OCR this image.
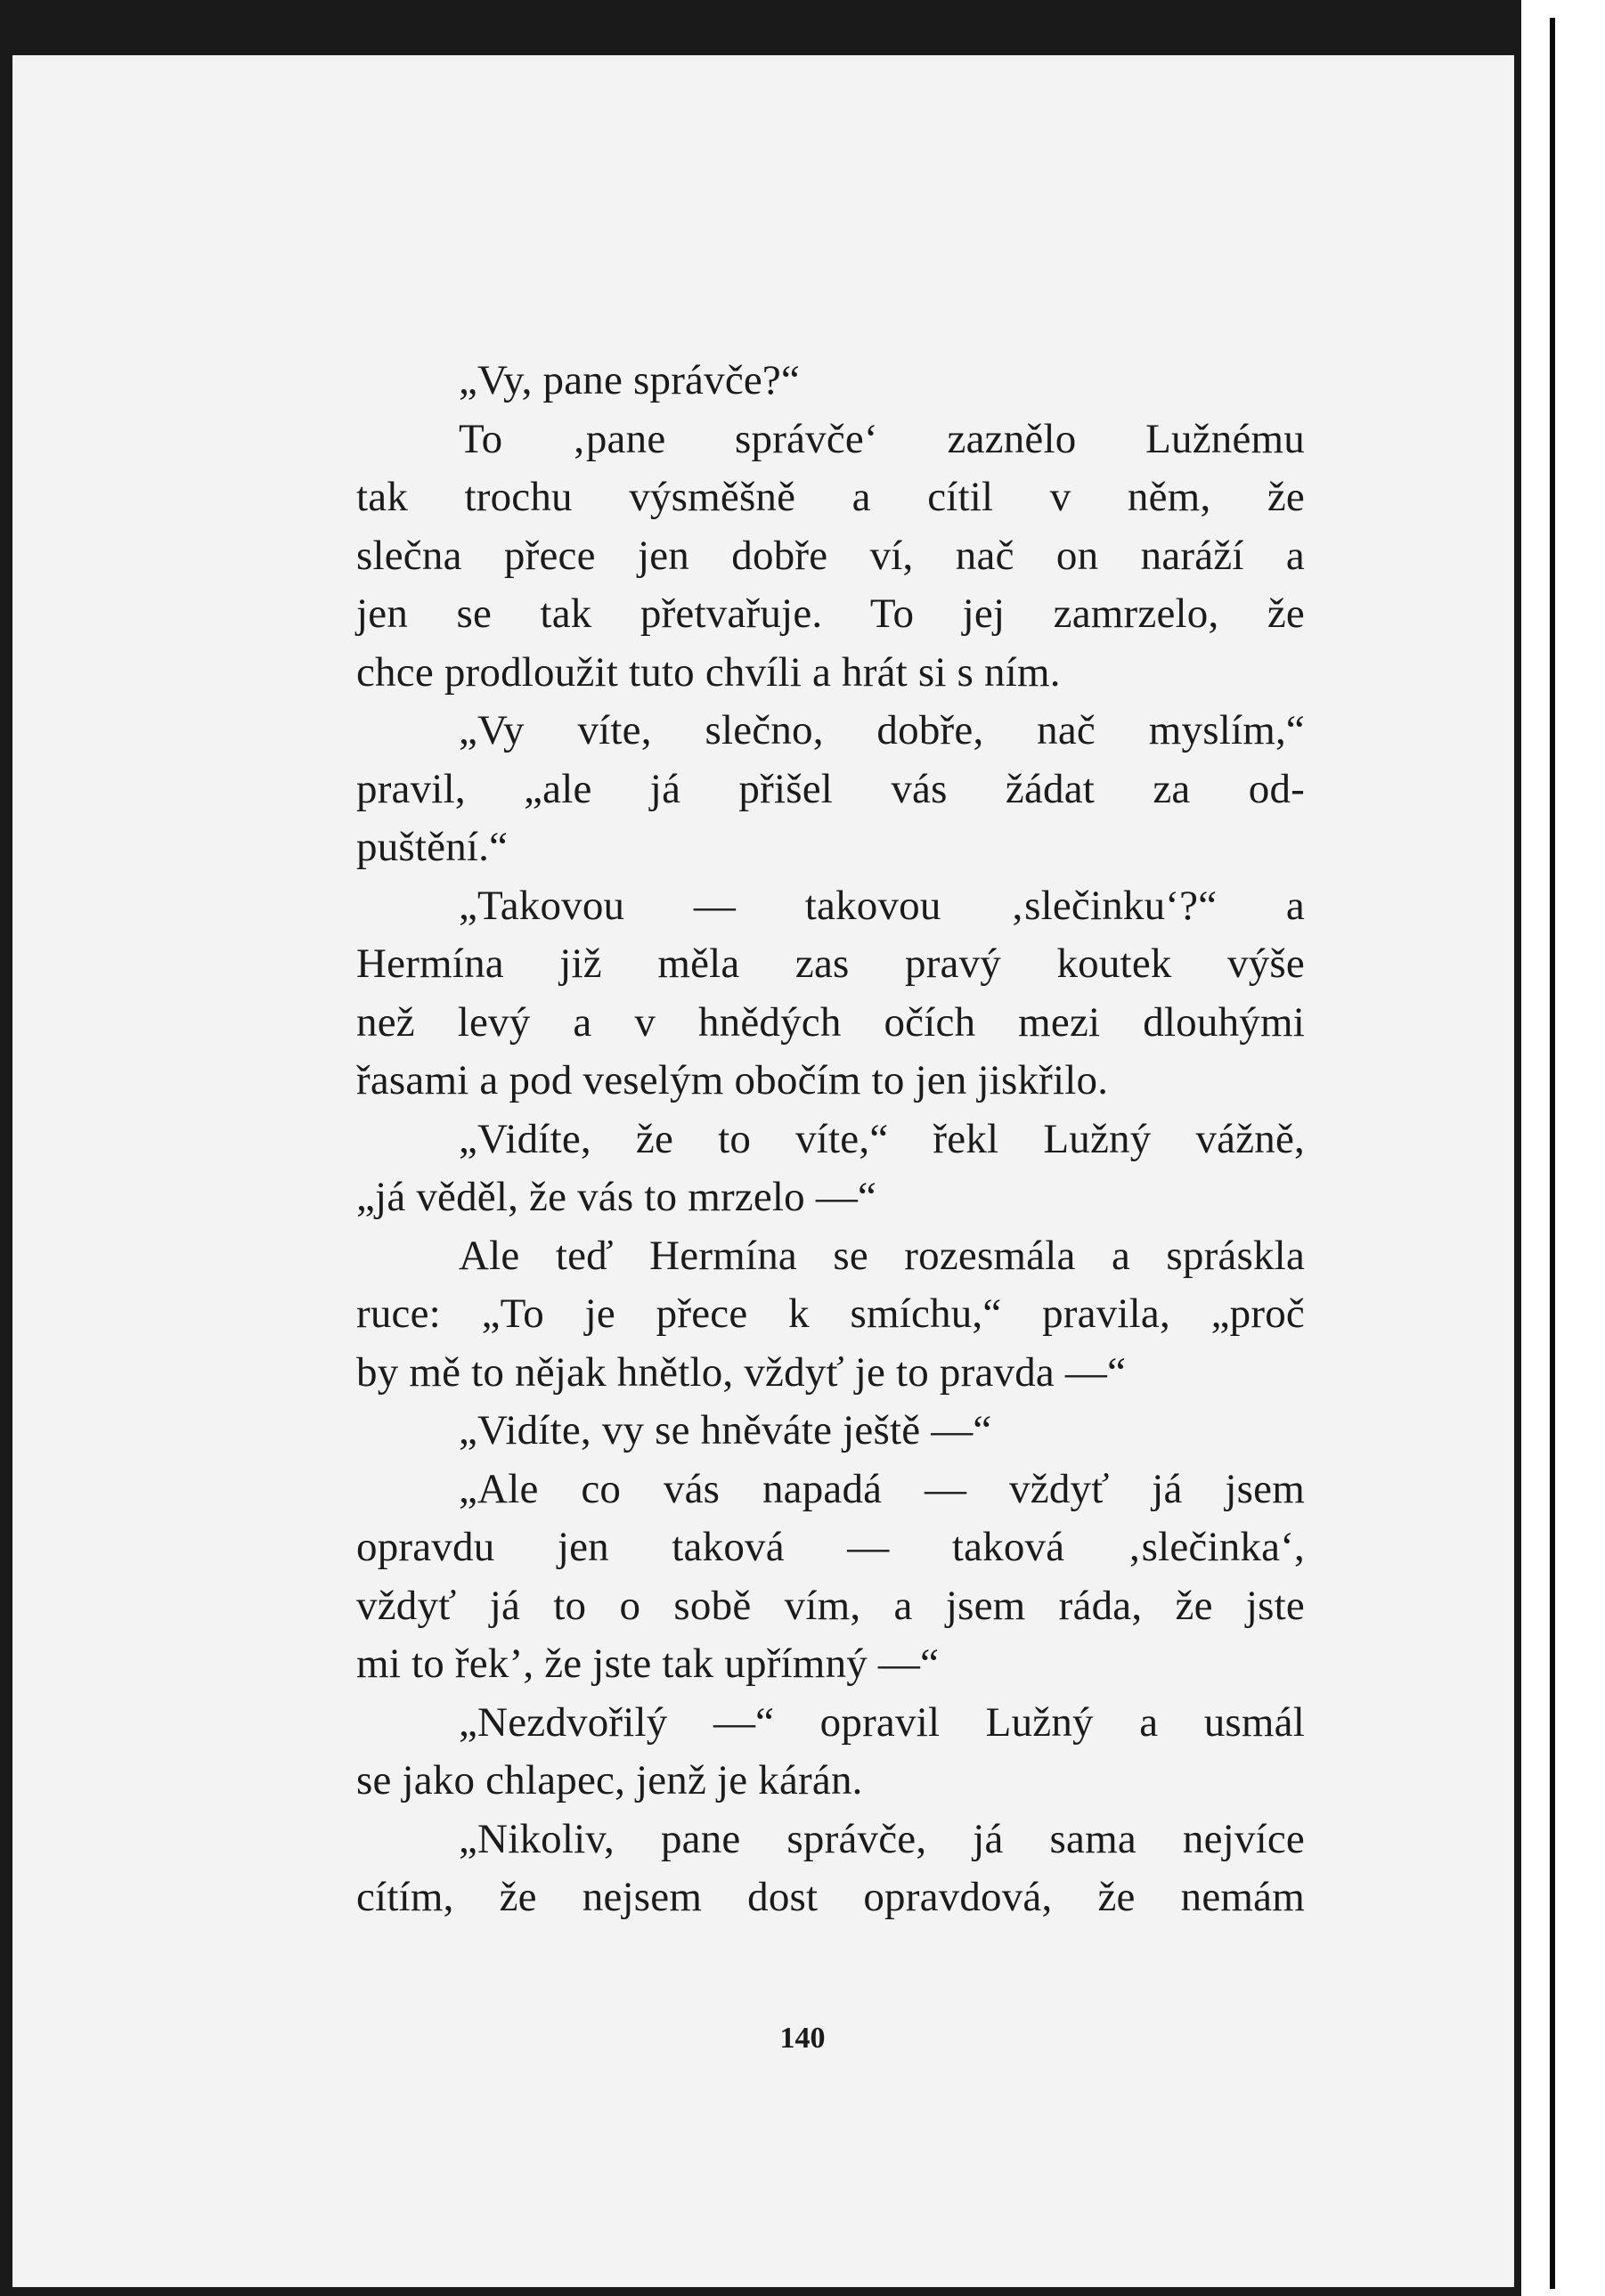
„Vy, pane správče?“
To ‚pane správče‘ zaznělo Lužnému
tak trochu výsměšně a cítil v něm, že
slečna přece jen dobře ví, nač on naráží a
jen se tak přetvařuje. To jej zamrzelo, že
chce prodloužit tuto chvíli a hrát si s ním.
„Vy víte, slečno, dobře, nač myslím,“
pravil, „ale já přišel vás žádat za od-
puštění.“
„Takovou — takovou ‚slečinku‘?“ a
Hermína již měla zas pravý koutek výše
než levý a v hnědých očích mezi dlouhými
řasami a pod veselým obočím to jen jiskřilo.
„Vidíte, že to víte,“ řekl Lužný vážně,
„já věděl, že vás to mrzelo —“
Ale teď Hermína se rozesmála a spráskla
ruce: „To je přece k smíchu,“ pravila, „proč
by mě to nějak hnětlo, vždyť je to pravda —“
„Vidíte, vy se hněváte ještě —“
„Ale co vás napadá — vždyť já jsem
opravdu jen taková — taková ‚slečinka‘,
vždyť já to o sobě vím, a jsem ráda, že jste
mi to řek’, že jste tak upřímný —“
„Nezdvořilý —“ opravil Lužný a usmál
se jako chlapec, jenž je kárán.
„Nikoliv, pane správče, já sama nejvíce
cítím, že nejsem dost opravdová, že nemám
140
